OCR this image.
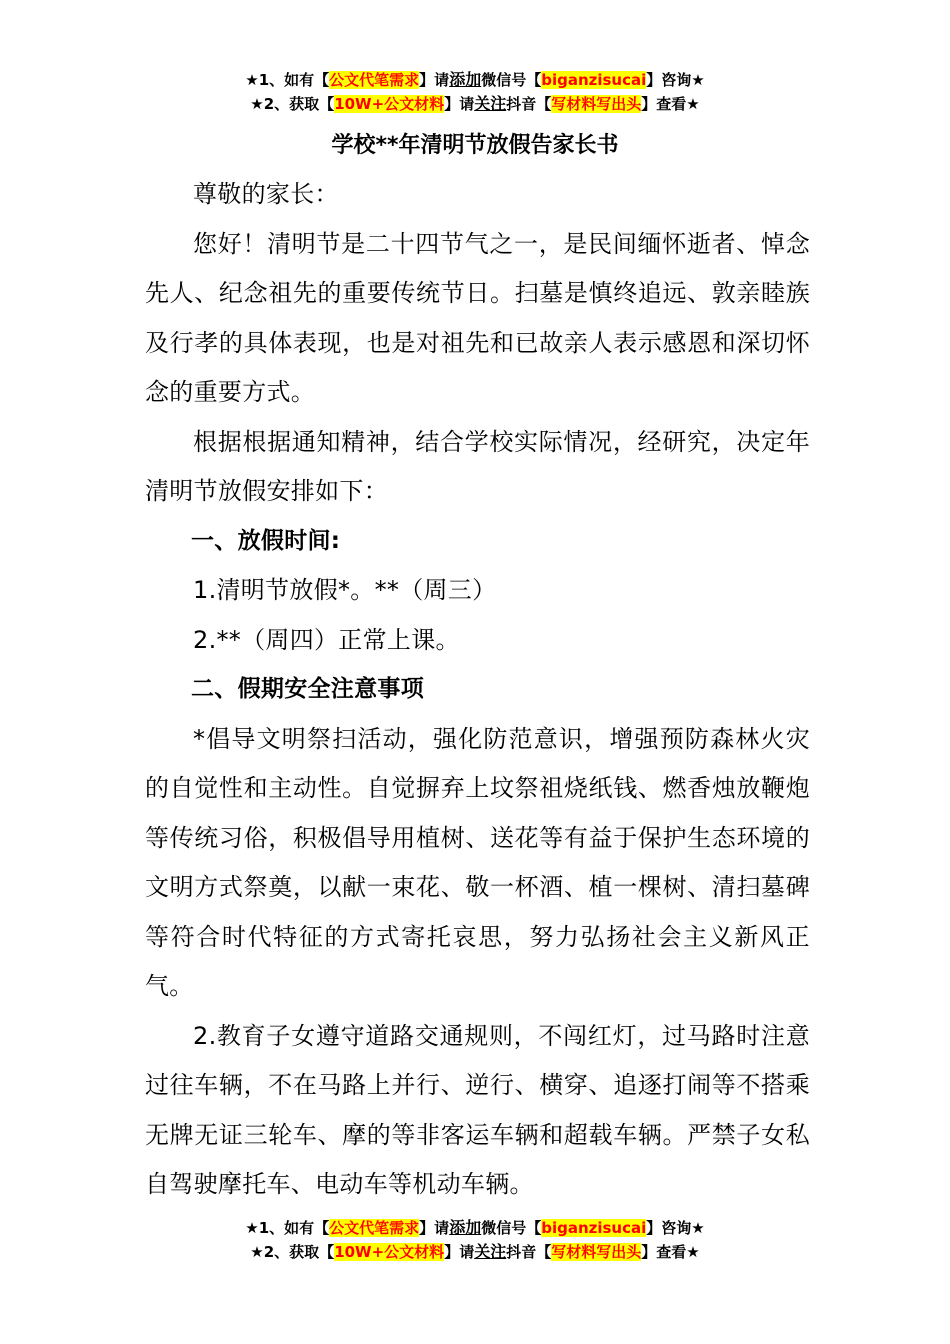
★1、如有【公文代笔需求】请添加微信号【biganzisucai】咨询★
★2、获取【10W+公文材料】请关注抖音【写材料写出头】查看★
学校**年清明节放假告家长书

尊敬的家长：

您好！清明节是二十四节气之一，是民间缅怀逝者、悼念先人、纪念祖先的重要传统节日。扫墓是慎终追远、敦亲睦族及行孝的具体表现，也是对祖先和已故亲人表示感恩和深切怀念的重要方式。

根据根据通知精神，结合学校实际情况，经研究，决定年清明节放假安排如下：

一、放假时间:

1.清明节放假*。**（周三）

2.**（周四）正常上课。

二、假期安全注意事项

*倡导文明祭扫活动，强化防范意识，增强预防森林火灾的自觉性和主动性。自觉摒弃上坟祭祖烧纸钱、燃香烛放鞭炮等传统习俗，积极倡导用植树、送花等有益于保护生态环境的文明方式祭奠，以献一束花、敬一杯酒、植一棵树、清扫墓碑等符合时代特征的方式寄托哀思，努力弘扬社会主义新风正气。

2.教育子女遵守道路交通规则，不闯红灯，过马路时注意过往车辆，不在马路上并行、逆行、横穿、追逐打闹等不搭乘无牌无证三轮车、摩的等非客运车辆和超载车辆。严禁子女私自驾驶摩托车、电动车等机动车辆。

★1、如有【公文代笔需求】请添加微信号【biganzisucai】咨询★
★2、获取【10W+公文材料】请关注抖音【写材料写出头】查看★
